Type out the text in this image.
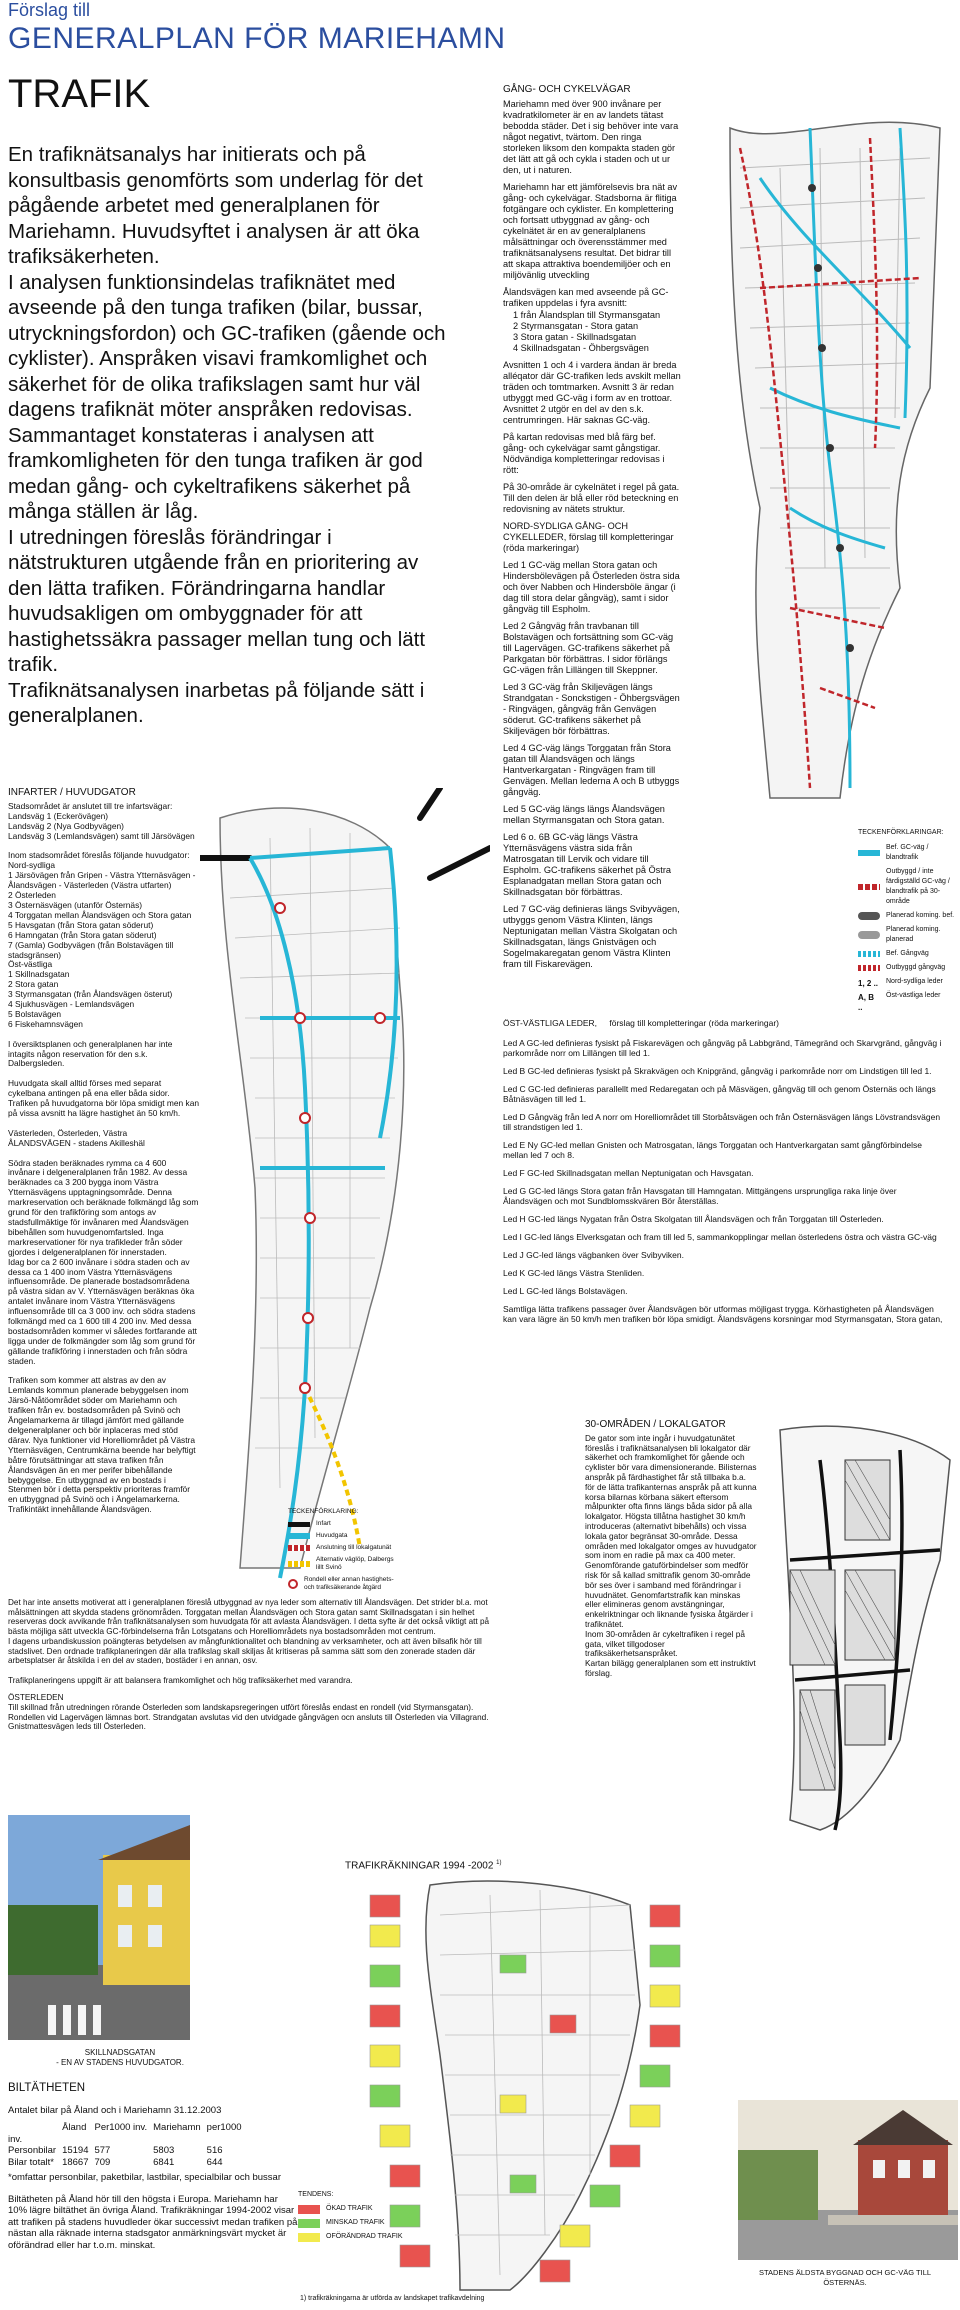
Förslag till
GENERALPLAN FÖR MARIEHAMN
TRAFIK

En trafiknätsanalys har initierats och på konsultbasis genomförts som underlag för det pågående arbetet med generalplanen för Mariehamn. Huvudsyftet i analysen är att öka trafiksäkerheten.

I analysen funktionsindelas trafiknätet med avseende på den tunga trafiken (bilar, bussar, utryckningsfordon) och GC-trafiken (gående och cyklister). Anspråken visavi framkomlighet och säkerhet för de olika trafikslagen samt hur väl dagens trafiknät möter anspråken redovisas.

Sammantaget konstateras i analysen att framkomligheten för den tunga trafiken är god medan gång- och cykeltrafikens säkerhet på många ställen är låg.

I utredningen föreslås förändringar i nätstrukturen utgående från en prioritering av den lätta trafiken. Förändringarna handlar huvudsakligen om ombyggnader för att hastighetssäkra passager mellan tung och lätt trafik.

Trafiknätsanalysen inarbetas på följande sätt i generalplanen.

GÅNG- OCH CYKELVÄGAR

Mariehamn med över 900 invånare per kvadratkilometer är en av landets tätast bebodda städer. Det i sig behöver inte vara något negativt, tvärtom. Den ringa storleken liksom den kompakta staden gör det lätt att gå och cykla i staden och ut ur den, ut i naturen.

Mariehamn har ett jämförelsevis bra nät av gång- och cykelvägar. Stadsborna är flitiga fotgängare och cyklister. En komplettering och fortsatt utbyggnad av gång- och cykelnätet är en av generalplanens målsättningar och överensstämmer med trafiknätsanalysens resultat. Det bidrar till att skapa attraktiva boendemiljöer och en miljövänlig utveckling

Ålandsvägen kan med avseende på GC-trafiken uppdelas i fyra avsnitt:

1 från Ålandsplan till Styrmansgatan
2 Styrmansgatan - Stora gatan
3 Stora gatan - Skillnadsgatan
4 Skillnadsgatan - Öhbergsvägen

Avsnitten 1 och 4 i vardera ändan är breda alléqator där GC-trafiken leds avskilt mellan träden och tomtmarken. Avsnitt 3 är redan utbyggt med GC-väg i form av en trottoar. Avsnittet 2 utgör en del av den s.k. centrumringen. Här saknas GC-väg.

På kartan redovisas med blå färg bef. gång- och cykelvägar samt gångstigar. Nödvändiga kompletteringar redovisas i rött:

På 30-område är cykelnätet i regel på gata. Till den delen är blå eller röd beteckning en redovisning av nätets struktur.

NORD-SYDLIGA GÅNG- OCH CYKELLEDER, förslag till kompletteringar (röda markeringar)

Led 1 GC-väg mellan Stora gatan och Hindersbölevägen på Österleden östra sida och över Nabben och Hindersböle ängar (i dag till stora delar gångväg), samt i sidor gångväg till Espholm.

Led 2 Gångväg från travbanan till Bolstavägen och fortsättning som GC-väg till Lagervägen. GC-trafikens säkerhet på Parkgatan bör förbättras. I sidor förlängs GC-vägen från Lillängen till Skeppner.

Led 3 GC-väg från Skiljevägen längs Strandgatan - Sonckstigen - Öhbergsvägen - Ringvägen, gångväg från Genvägen söderut. GC-trafikens säkerhet på Skiljevägen bör förbättras.

Led 4 GC-väg längs Torggatan från Stora gatan till Ålandsvägen och längs Hantverkargatan - Ringvägen fram till Genvägen. Mellan lederna A och B utbyggs gångväg.

Led 5 GC-väg längs längs Ålandsvägen mellan Styrmansgatan och Stora gatan.

Led 6 o. 6B GC-väg längs Västra Ytternäsvägens västra sida från Matrosgatan till Lervik och vidare till Espholm. GC-trafikens säkerhet på Östra Esplanadgatan mellan Stora gatan och Skillnadsgatan bör förbättras.

Led 7 GC-väg definieras längs Svibyvägen, utbyggs genom Västra Klinten, längs Neptunigatan mellan Västra Skolgatan och Skillnadsgatan, längs Gnistvägen och Sogelmakaregatan genom Västra Klinten fram till Fiskarevägen.

TECKENFÖRKLARINGAR:
Bef. GC-väg / blandtrafik
Outbyggd / inte färdigställd GC-väg / blandtrafik på 30-område
Planerad koming. bef.
Planerad koming. planerad
Bef. Gångväg
Outbyggd gångväg
1, 2 .. Nord-sydliga leder
A, B ..
Öst-västliga leder

ÖST-VÄSTLIGA LEDER, förslag till kompletteringar (röda markeringar)

Led A GC-led definieras fysiskt på Fiskarevägen och gångväg på Labbgränd, Tämegränd och Skarvgränd, gångväg i parkområde norr om Lillängen till led 1.

Led B GC-led definieras fysiskt på Skrakvägen och Knipgränd, gångväg i parkområde norr om Lindstigen till led 1.

Led C GC-led definieras parallellt med Redaregatan och på Mäsvägen, gångväg till och genom Östernäs och längs Båtnäsvägen till led 1.

Led D Gångväg från led A norr om Horelliområdet till Storbåtsvägen och från Östernäsvägen längs Lövstrandsvägen till strandstigen led 1.

Led E Ny GC-led mellan Gnisten och Matrosgatan, längs Torggatan och Hantverkargatan samt gångförbindelse mellan led 7 och 8.

Led F GC-led Skillnadsgatan mellan Neptunigatan och Havsgatan.

Led G GC-led längs Stora gatan från Havsgatan till Hamngatan. Mittgängens ursprungliga raka linje över Ålandsvägen och mot Sundblomsskvären Bör återställas.

Led H GC-led längs Nygatan från Östra Skolgatan till Ålandsvägen och från Torggatan till Österleden.

Led I GC-led längs Elverksgatan och fram till led 5, sammankopplingar mellan österledens östra och västra GC-väg

Led J GC-led längs vägbanken över Svibyviken.

Led K GC-led längs Västra Stenliden.

Led L GC-led längs Bolstavägen.

Samtliga lätta trafikens passager över Ålandsvägen bör utformas möjligast trygga. Körhastigheten på Ålandsvägen kan vara lägre än 50 km/h men trafiken bör löpa smidigt. Ålandsvägens korsningar mod Styrmansgatan, Stora gatan,

INFARTER / HUVUDGATOR
Stadsområdet är anslutet till tre infartsvägar:
Landsväg 1 (Eckerövägen)
Landsväg 2 (Nya Godbyvägen)
Landsväg 3 (Lemlandsvägen) samt till Järsövägen

Inom stadsområdet föreslås följande huvudgator:
Nord-sydliga
1 Järsövägen från Gripen - Västra Ytternäsvägen - Ålandsvägen - Västerleden (Västra utfarten)
2 Österleden
3 Östernäsvägen (utanför Östernäs)
4 Torggatan mellan Ålandsvägen och Stora gatan
5 Havsgatan (från Stora gatan söderut)
6 Hamngatan (från Stora gatan söderut)
7 (Gamla) Godbyvägen (från Bolstavägen till stadsgränsen)
Öst-västliga
1 Skillnadsgatan
2 Stora gatan
3 Styrmansgatan (från Ålandsvägen österut)
4 Sjukhusvägen - Lemlandsvägen
5 Bolstavägen
6 Fiskehamnsvägen

I översiktsplanen och generalplanen har inte intagits någon reservation för den s.k. Dalbergsleden.

Huvudgata skall alltid förses med separat cykelbana antingen på ena eller båda sidor. Trafiken på huvudgatorna bör löpa smidigt men kan på vissa avsnitt ha lägre hastighet än 50 km/h.

Västerleden, Österleden, Västra
ÅLANDSVÄGEN - stadens Akilleshäl

Södra staden beräknades rymma ca 4 600 invånare i delgeneralplanen från 1982. Av dessa beräknades ca 3 200 bygga inom Västra Ytternäsvägens upptagningsområde. Denna markreservation och beräknade folkmängd låg som grund för den trafikföring som antogs av stadsfullmäktige för invånaren med Ålandsvägen bibehållen som huvudgenomfartsled. Inga markreservationer för nya trafikleder från söder gjordes i delgeneralplanen för innerstaden.
Idag bor ca 2 600 invånare i södra staden och av dessa ca 1 400 inom Västra Ytternäsvägens influensområde. De planerade bostadsområdena på västra sidan av V. Ytternäsvägen beräknas öka antalet invånare inom Västra Ytternäsvägens influensområde till ca 3 000 inv. och södra stadens folkmängd med ca 1 600 till 4 200 inv. Med dessa bostadsområden kommer vi således fortfarande att ligga under de folkmängder som låg som grund för gällande trafikföring i innerstaden och från södra staden.

Trafiken som kommer att alstras av den av Lemlands kommun planerade bebyggelsen inom Järsö-Nåtöområdet söder om Mariehamn och trafiken från ev. bostadsområden på Svinö och Ängelamarkerna är tillagd jämfört med gällande delgeneralplaner och bör inplaceras med stöd därav. Nya funktioner vid Horelliområdet på Västra Ytternäsvägen, Centrumkärna beende har belyftigt båtre förutsättningar att stava trafiken från Ålandsvägen än en mer perifer bibehållande bebyggelse. En utbyggnad av en bostads i Stenmen bör i detta perspektiv prioriteras framför en utbyggnad på Svinö och i Ängelamarkerna.
Trafikintäkt innehållande Ålandsvägen.	TECKENFÖRKLARING:
Infart
Huvudgata
Anslutning till lokalgatunät
Alternativ väglöp, Dalbergs lillt Svinö
Rondell eller annan hastighets- och trafiksäkerande åtgärd
Det har inte ansetts motiverat att i generalplanen föreslå utbyggnad av nya leder som alternativ till Ålandsvägen. Det strider bl.a. mot målsättningen att skydda stadens grönområden. Torggatan mellan Ålandsvägen och Stora gatan samt Skillnadsgatan i sin helhet reserveras dock avvikande från trafiknätsanalysen som huvudgata för att avlasta Ålandsvägen. I detta syfte är det också viktigt att på bästa möjliga sätt utveckla GC-förbindelserna från Lotsgatans och Horelliområdets nya bostadsområden mot centrum.
I dagens urbandiskussion poängteras betydelsen av mångfunktionalitet och blandning av verksamheter, och att även bilsafik hör till stadslivet. Den ordnade trafikplaneringen där alla trafikslag skall skiljas åt kritiseras på samma sätt som den zonerade staden där arbetsplatser är åtskilda i en del av staden, bostäder i en annan, osv.

Trafikplaneringens uppgift är att balansera framkomlighet och hög trafiksäkerhet med varandra.
ÖSTERLEDEN
Till skillnad från utredningen rörande Österleden som landskapsregeringen utfört föreslås endast en rondell (vid Styrmansgatan). Rondellen vid Lagervägen lämnas bort. Strandgatan avslutas vid den utvidgade gångvägen ocn ansluts till Österleden via Villagrand. Gnistmattesvägen leds till Österleden.
30-OMRÅDEN / LOKALGATOR
De gator som inte ingår i huvudgatunätet föreslås i trafiknätsanalysen bli lokalgator där säkerhet och framkomlighet för gående och cyklister bör vara dimensionerande. Bilisternas anspråk på färdhastighet får stå tillbaka b.a. för de lätta trafikanternas anspråk på att kunna korsa bilarnas körbana säkert eftersom målpunkter ofta finns längs båda sidor på alla lokalgator. Högsta tillåtna hastighet 30 km/h introduceras (alternativt bibehålls) och vissa lokala gator begränsat 30-område. Dessa områden med lokalgator omges av huvudgator som inom en radie på max ca 400 meter.
Genomförande gatuförbindelser som medför risk för så kallad smittrafik genom 30-område bör ses över i samband med förändringar i huvudnätet. Genomfartstrafik kan minskas eller elimineras genom avstängningar, enkelriktningar och liknande fysiska åtgärder i trafiknätet.
Inom 30-områden är cykeltrafiken i regel på gata, vilket tillgodoser trafiksäkerhetsanspråket.
Kartan bilägg generalplanen som ett instruktivt förslag.
TRAFIKRÄKNINGAR 1994 -2002 $^{1)}$
TENDENS:
ÖKAD TRAFIK
MINSKAD TRAFIK
OFÖRÄNDRAD TRAFIK
1) trafikräkningarna är utförda av landskapet trafikavdelning
SKILLNADSGATAN
- EN AV STADENS HUVUDGATOR.
STADENS ÄLDSTA BYGGNAD OCH GC-VÄG TILL ÖSTERNÄS.
BILTÄTHETEN

Antalet bilar på Åland och i Mariehamn 31.12.2003

	Åland	Per1000 inv.	Mariehamn	per1000
inv.				
Personbilar	15194	577	5803	516
Bilar totalt*	18667	709	6841	644

*omfattar personbilar, paketbilar, lastbilar, specialbilar och bussar

Biltätheten på Åland hör till den högsta i Europa. Mariehamn har 10% lägre biltäthet än övriga Åland. Trafikräkningar 1994-2002 visar att trafiken på stadens huvudleder ökar successivt medan trafiken på nästan alla räknade interna stadsgator anmärkningsvärt mycket är oförändrad eller har t.o.m. minskat.
